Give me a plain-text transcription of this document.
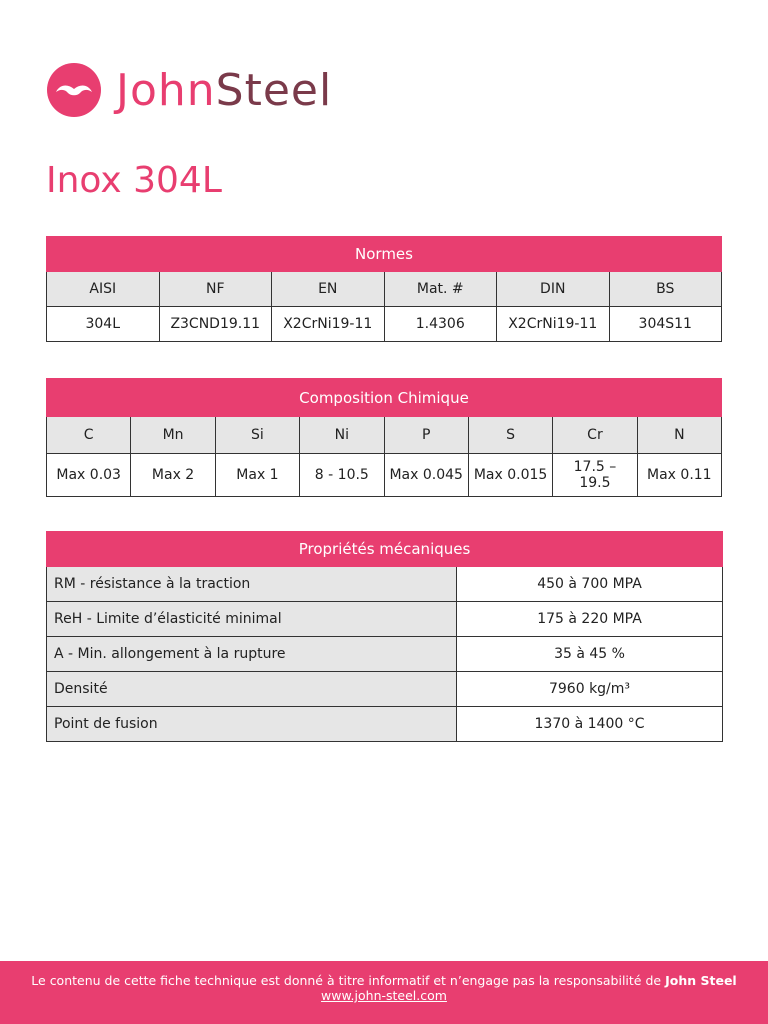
JohnSteel
Inox 304L
Normes					
AISI	NF	EN	Mat. #	DIN	BS
304L	Z3CND19.11	X2CrNi19-11	1.4306	X2CrNi19-11	304S11
Composition Chimique							
C	Mn	Si	Ni	P	S	Cr	N
Max 0.03	Max 2	Max 1	8 - 10.5	Max 0.045	Max 0.015	17.5 – 19.5	Max 0.11
Propriétés mécaniques	
RM - résistance à la traction	450 à 700 MPA
ReH - Limite d’élasticité minimal	175 à 220 MPA
A - Min. allongement à la rupture	35 à 45 %
Densité	7960 kg/m³
Point de fusion	1370 à 1400 °C
Le contenu de cette fiche technique est donné à titre informatif et n’engage pas la responsabilité de John Steel
www.john-steel.com
